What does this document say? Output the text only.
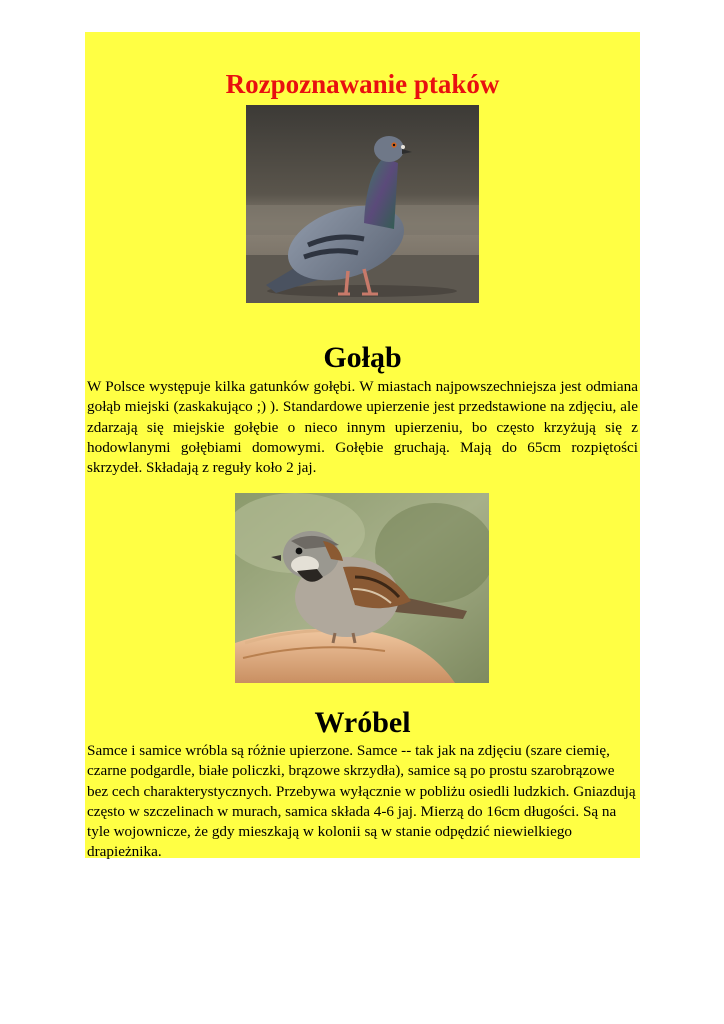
Rozpoznawanie ptaków
Gołąb

W Polsce występuje kilka gatunków gołębi. W miastach najpowszechniejsza jest odmiana gołąb miejski (zaskakująco ;) ). Standardowe upierzenie jest przedstawione na zdjęciu, ale zdarzają się miejskie gołębie o nieco innym upierzeniu, bo często krzyżują się z hodowlanymi gołębiami domowymi. Gołębie gruchają. Mają do 65cm rozpiętości skrzydeł. Składają z reguły koło 2 jaj.

Wróbel

Samce i samice wróbla są różnie upierzone. Samce -- tak jak na zdjęciu (szare ciemię, czarne podgardle, białe policzki, brązowe skrzydła), samice są po prostu szarobrązowe bez cech charakterystycznych. Przebywa wyłącznie w pobliżu osiedli ludzkich. Gniazdują często w szczelinach w murach, samica składa 4-6 jaj. Mierzą do 16cm długości. Są na tyle wojownicze, że gdy mieszkają w kolonii są w stanie odpędzić niewielkiego drapieżnika.
